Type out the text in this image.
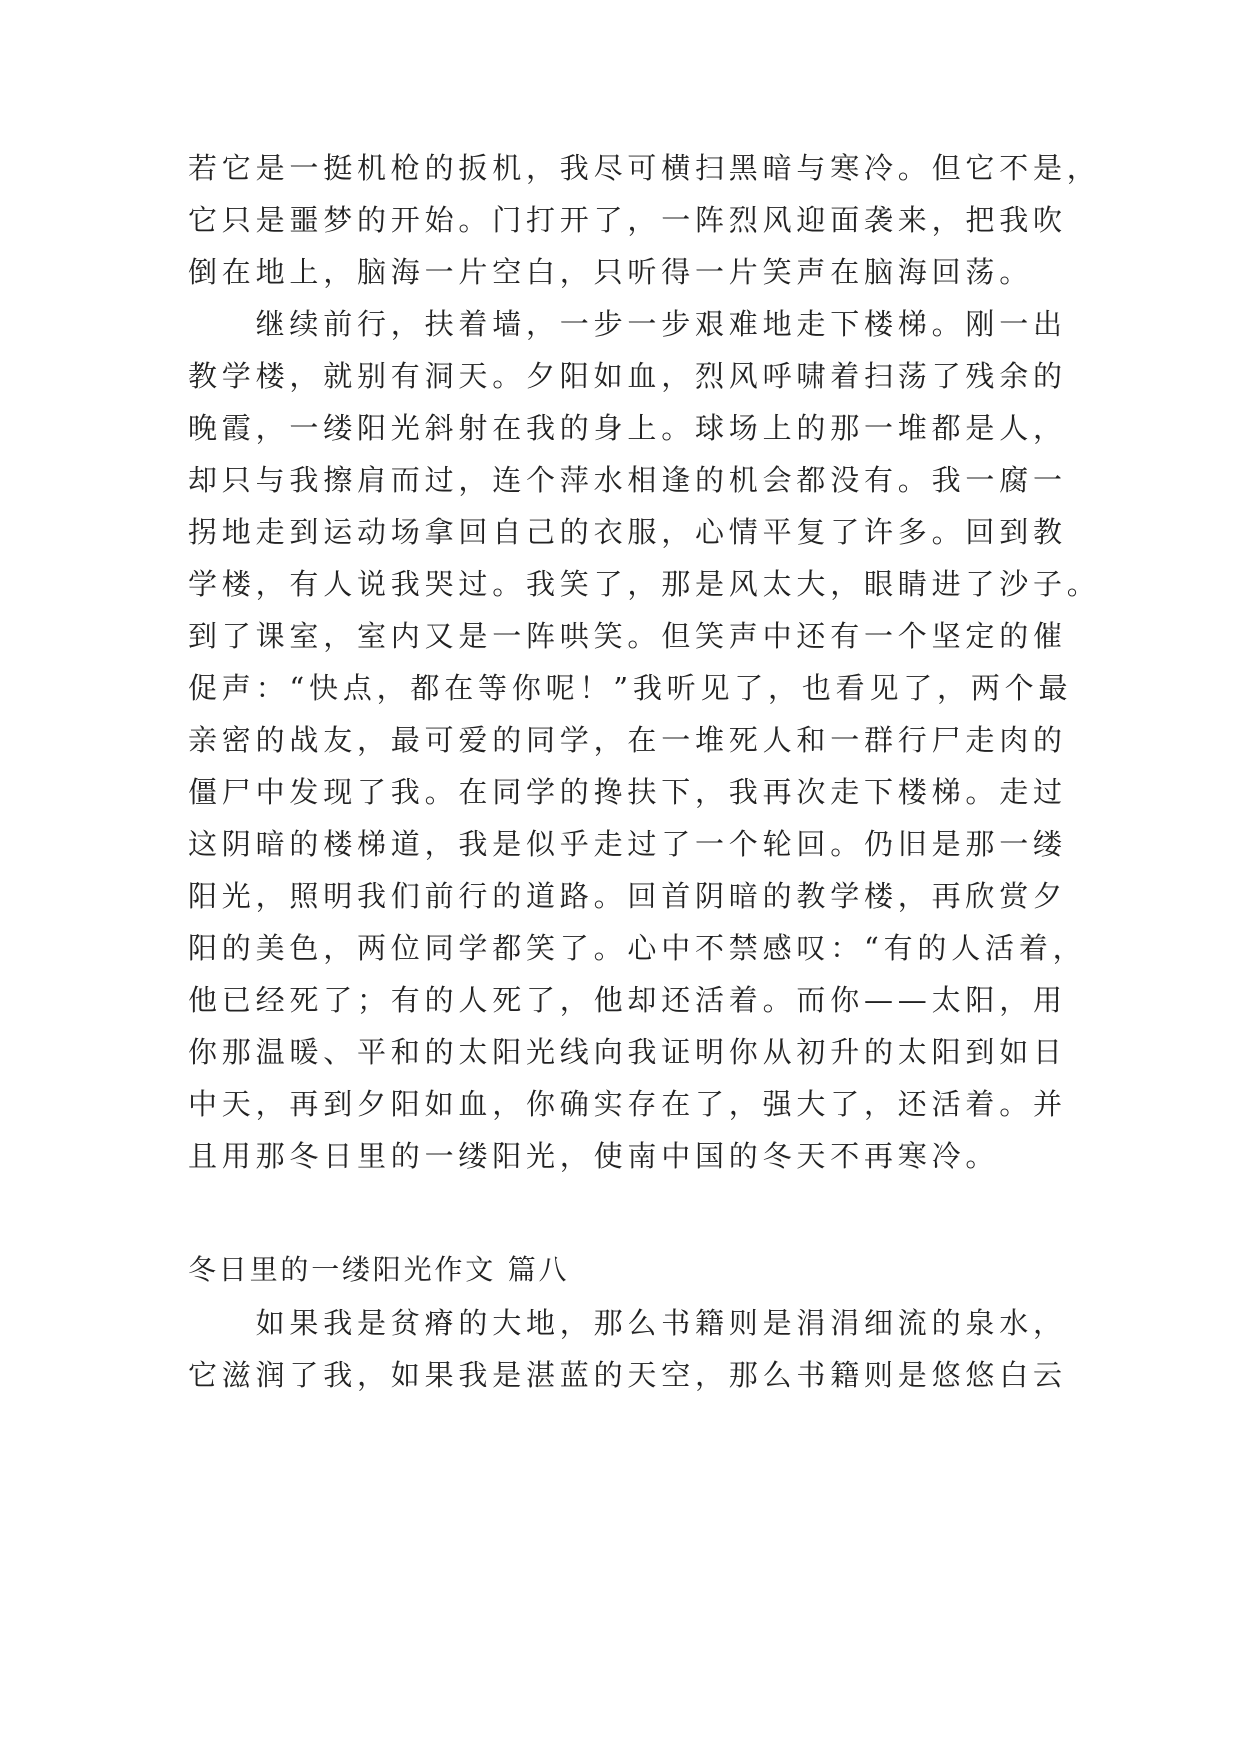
若它是一挺机枪的扳机，我尽可横扫黑暗与寒冷。但它不是，
它只是噩梦的开始。门打开了，一阵烈风迎面袭来，把我吹
倒在地上，脑海一片空白，只听得一片笑声在脑海回荡。
　　继续前行，扶着墙，一步一步艰难地走下楼梯。刚一出
教学楼，就别有洞天。夕阳如血，烈风呼啸着扫荡了残余的
晚霞，一缕阳光斜射在我的身上。球场上的那一堆都是人，
却只与我擦肩而过，连个萍水相逢的机会都没有。我一腐一
拐地走到运动场拿回自己的衣服，心情平复了许多。回到教
学楼，有人说我哭过。我笑了，那是风太大，眼睛进了沙子。
到了课室，室内又是一阵哄笑。但笑声中还有一个坚定的催
促声：“快点，都在等你呢！”我听见了，也看见了，两个最
亲密的战友，最可爱的同学，在一堆死人和一群行尸走肉的
僵尸中发现了我。在同学的搀扶下，我再次走下楼梯。走过
这阴暗的楼梯道，我是似乎走过了一个轮回。仍旧是那一缕
阳光，照明我们前行的道路。回首阴暗的教学楼，再欣赏夕
阳的美色，两位同学都笑了。心中不禁感叹：“有的人活着，
他已经死了；有的人死了，他却还活着。而你——太阳，用
你那温暖、平和的太阳光线向我证明你从初升的太阳到如日
中天，再到夕阳如血，你确实存在了，强大了，还活着。并
且用那冬日里的一缕阳光，使南中国的冬天不再寒冷。
冬日里的一缕阳光作文 篇八
　　如果我是贫瘠的大地，那么书籍则是涓涓细流的泉水，
它滋润了我，如果我是湛蓝的天空，那么书籍则是悠悠白云
